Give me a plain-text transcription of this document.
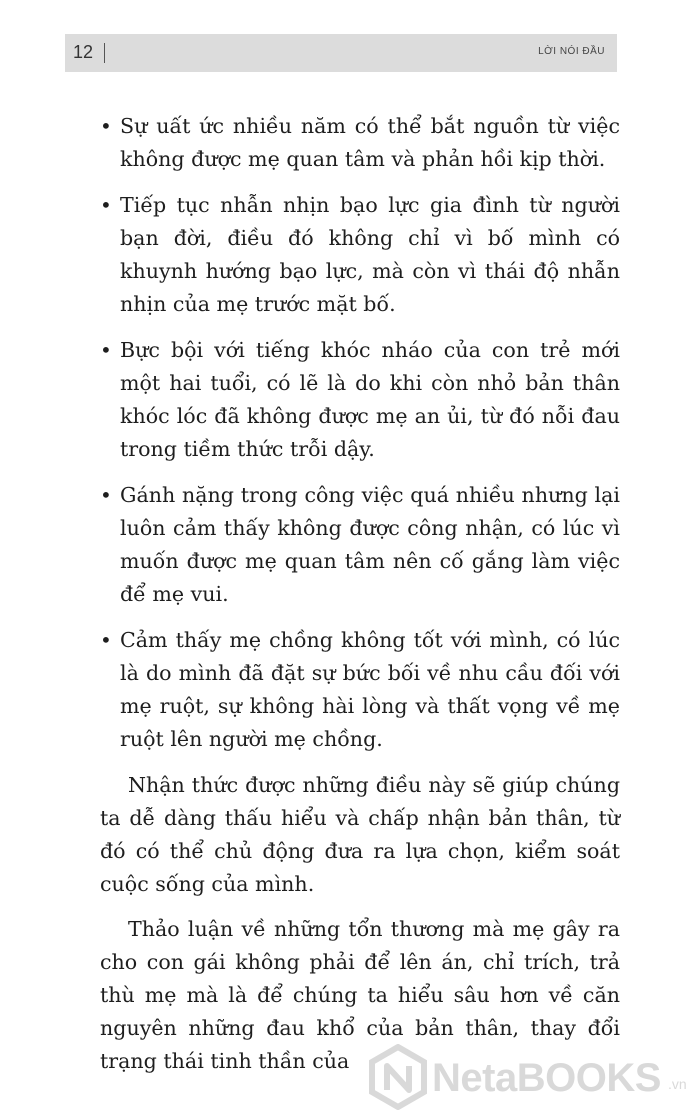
12	LỜI NÓI ĐẦU
• Sự uất ức nhiều năm có thể bắt nguồn từ việc không được mẹ quan tâm và phản hồi kịp thời.
• Tiếp tục nhẫn nhịn bạo lực gia đình từ người bạn đời, điều đó không chỉ vì bố mình có khuynh hướng bạo lực, mà còn vì thái độ nhẫn nhịn của mẹ trước mặt bố.
• Bực bội với tiếng khóc nháo của con trẻ mới một hai tuổi, có lẽ là do khi còn nhỏ bản thân khóc lóc đã không được mẹ an ủi, từ đó nỗi đau trong tiềm thức trỗi dậy.
• Gánh nặng trong công việc quá nhiều nhưng lại luôn cảm thấy không được công nhận, có lúc vì muốn được mẹ quan tâm nên cố gắng làm việc để mẹ vui.
• Cảm thấy mẹ chồng không tốt với mình, có lúc là do mình đã đặt sự bức bối về nhu cầu đối với mẹ ruột, sự không hài lòng và thất vọng về mẹ ruột lên người mẹ chồng.

Nhận thức được những điều này sẽ giúp chúng ta dễ dàng thấu hiểu và chấp nhận bản thân, từ đó có thể chủ động đưa ra lựa chọn, kiểm soát cuộc sống của mình.

Thảo luận về những tổn thương mà mẹ gây ra cho con gái không phải để lên án, chỉ trích, trả thù mẹ mà là để chúng ta hiểu sâu hơn về căn nguyên những đau khổ của bản thân, thay đổi trạng thái tinh thần của	NetaBOOKS .vn
